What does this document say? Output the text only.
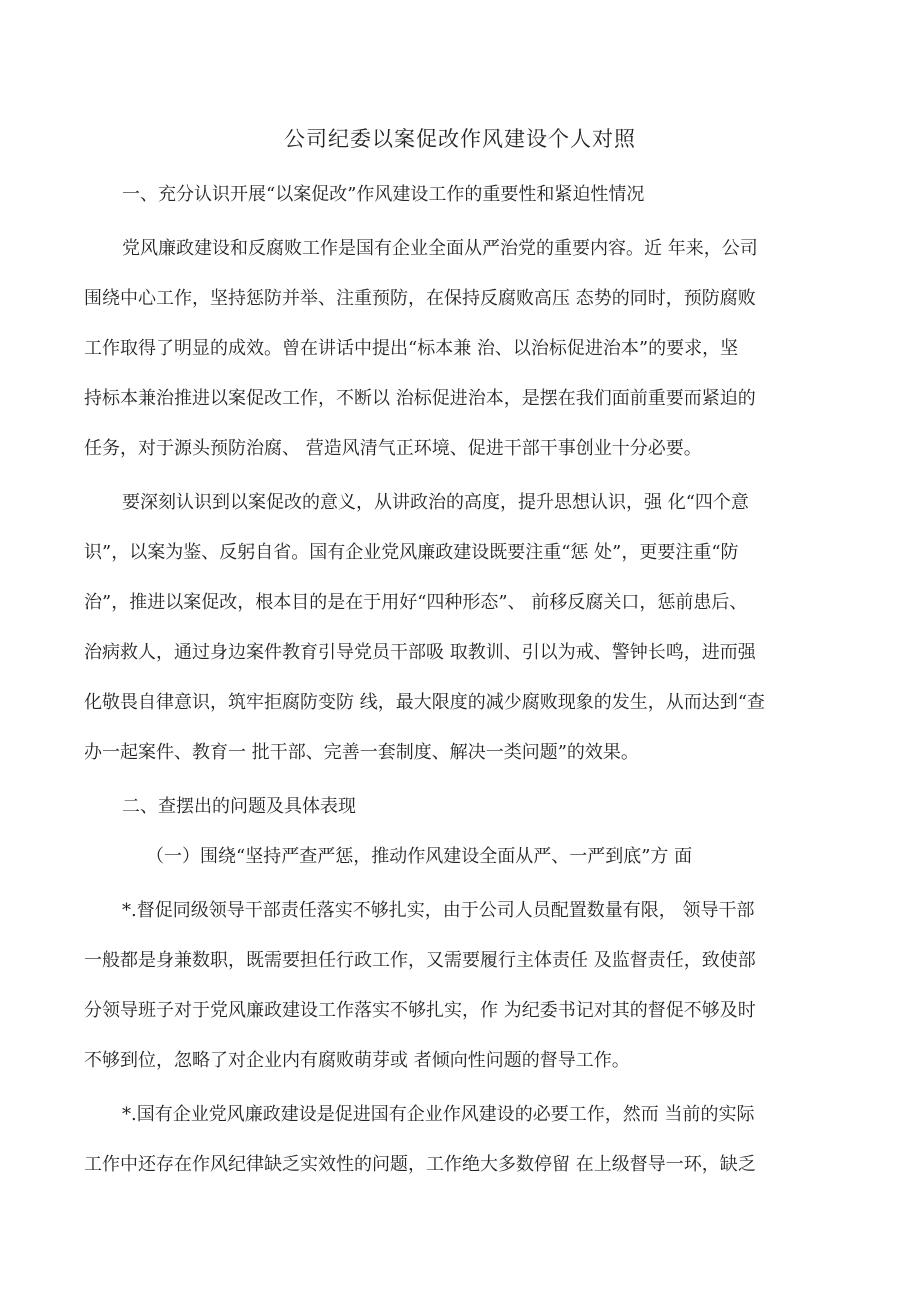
公司纪委以案促改作风建设个人对照

一、充分认识开展“以案促改”作风建设工作的重要性和紧迫性情况

党风廉政建设和反腐败工作是国有企业全面从严治党的重要内容。近 年来，公司

围绕中心工作，坚持惩防并举、注重预防，在保持反腐败高压 态势的同时，预防腐败

工作取得了明显的成效。曾在讲话中提出“标本兼 治、以治标促进治本”的要求，坚

持标本兼治推进以案促改工作，不断以 治标促进治本，是摆在我们面前重要而紧迫的

任务，对于源头预防治腐、 营造风清气正环境、促进干部干事创业十分必要。

要深刻认识到以案促改的意义，从讲政治的高度，提升思想认识，强 化“四个意

识”，以案为鉴、反躬自省。国有企业党风廉政建设既要注重“惩 处”，更要注重“防

治”，推进以案促改，根本目的是在于用好“四种形态”、 前移反腐关口，惩前患后、

治病救人，通过身边案件教育引导党员干部吸 取教训、引以为戒、警钟长鸣，进而强

化敬畏自律意识，筑牢拒腐防变防 线，最大限度的减少腐败现象的发生，从而达到“查

办一起案件、教育一 批干部、完善一套制度、解决一类问题”的效果。

二、查摆出的问题及具体表现

（一）围绕“坚持严查严惩，推动作风建设全面从严、一严到底”方 面

*.督促同级领导干部责任落实不够扎实，由于公司人员配置数量有限， 领导干部

一般都是身兼数职，既需要担任行政工作，又需要履行主体责任 及监督责任，致使部

分领导班子对于党风廉政建设工作落实不够扎实，作 为纪委书记对其的督促不够及时

不够到位，忽略了对企业内有腐败萌芽或 者倾向性问题的督导工作。

*.国有企业党风廉政建设是促进国有企业作风建设的必要工作，然而 当前的实际

工作中还存在作风纪律缺乏实效性的问题，工作绝大多数停留 在上级督导一环，缺乏
